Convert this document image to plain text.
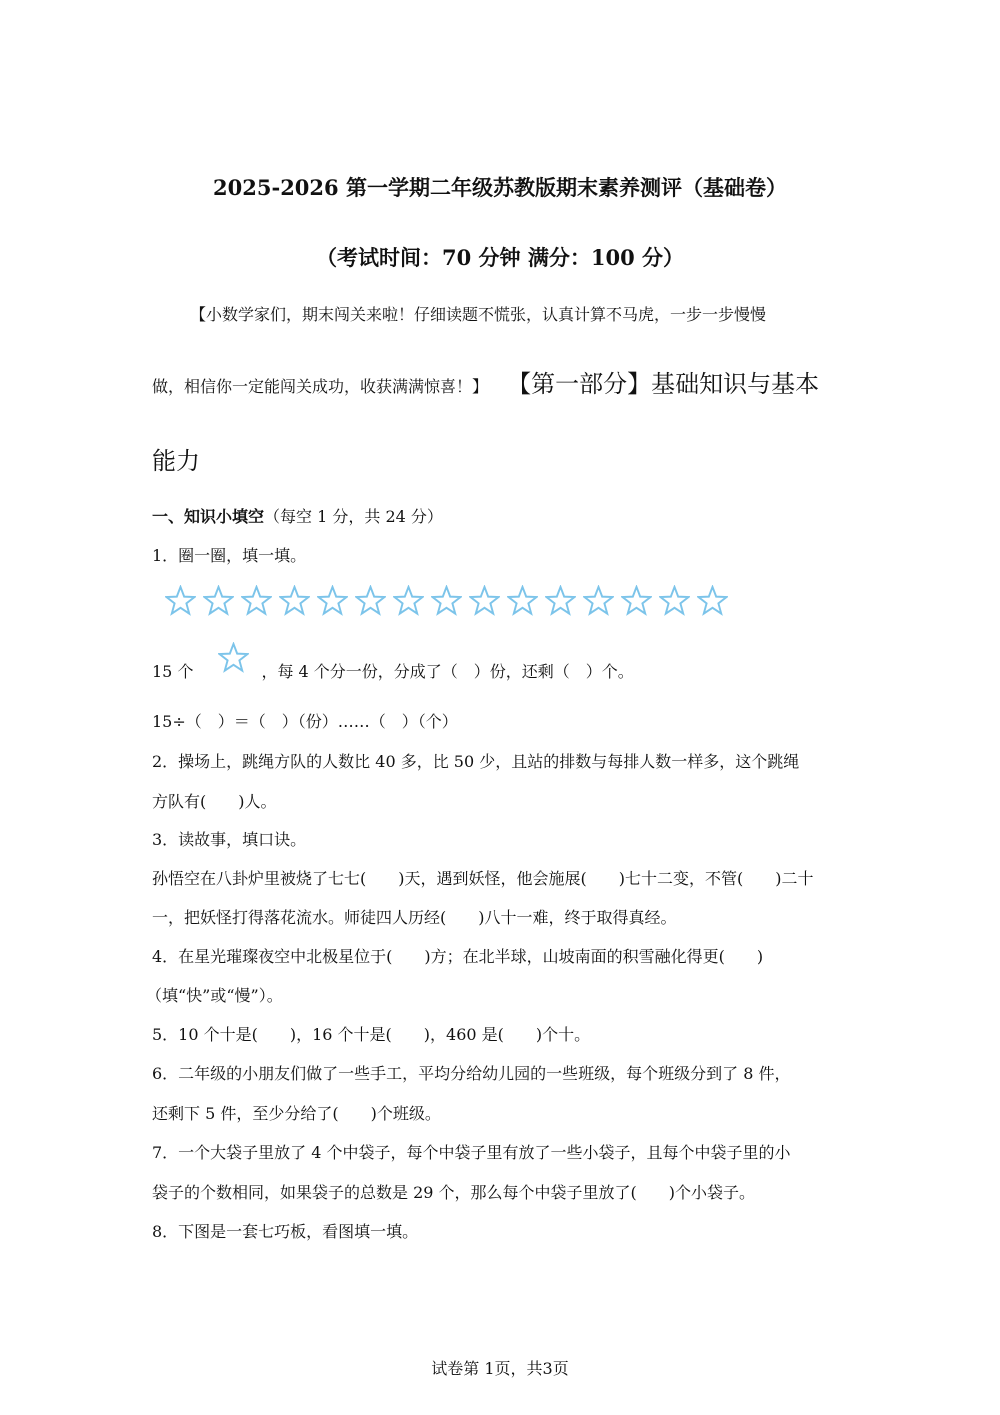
2025-2026 第一学期二年级苏教版期末素养测评（基础卷）
（考试时间：70 分钟 满分：100 分）
【小数学家们，期末闯关来啦！仔细读题不慌张，认真计算不马虎，一步一步慢慢
做，相信你一定能闯关成功，收获满满惊喜！】 【第一部分】基础知识与基本
能力
一、知识小填空（每空 1 分，共 24 分）
1．圈一圈，填一填。
15 个	，每 4 个分一份，分成了（　）份，还剩（　）个。
15÷（　）＝（　）（份）……（　）（个）
2．操场上，跳绳方队的人数比 40 多，比 50 少，且站的排数与每排人数一样多，这个跳绳
方队有(　　)人。
3．读故事，填口诀。
孙悟空在八卦炉里被烧了七七(　　)天，遇到妖怪，他会施展(　　)七十二变，不管(　　)二十
一，把妖怪打得落花流水。师徒四人历经(　　)八十一难，终于取得真经。
4．在星光璀璨夜空中北极星位于(　　)方；在北半球，山坡南面的积雪融化得更(　　)
（填“快”或“慢”）。
5．10 个十是(　　)，16 个十是(　　)，460 是(　　)个十。
6．二年级的小朋友们做了一些手工，平均分给幼儿园的一些班级，每个班级分到了 8 件，
还剩下 5 件，至少分给了(　　)个班级。
7．一个大袋子里放了 4 个中袋子，每个中袋子里有放了一些小袋子，且每个中袋子里的小
袋子的个数相同，如果袋子的总数是 29 个，那么每个中袋子里放了(　　)个小袋子。
8．下图是一套七巧板，看图填一填。
试卷第 1页，共3页
